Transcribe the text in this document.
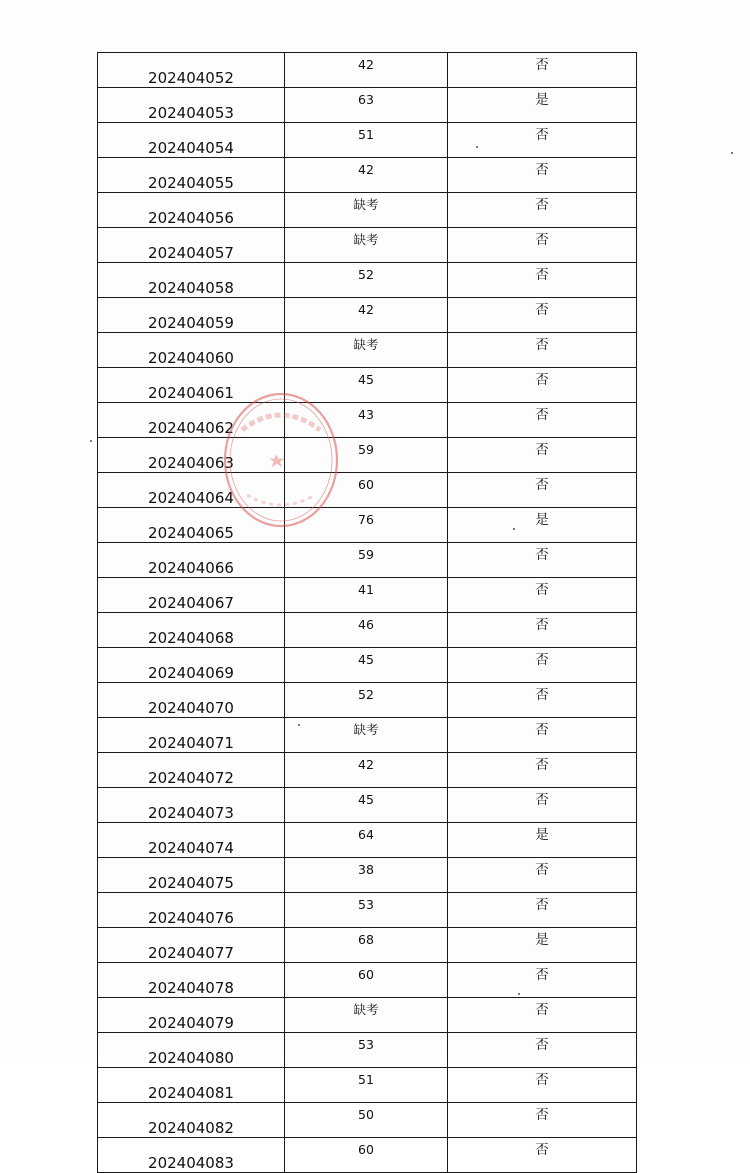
202404052	42	否
202404053	63	是
202404054	51	否
202404055	42	否
202404056	缺考	否
202404057	缺考	否
202404058	52	否
202404059	42	否
202404060	缺考	否
202404061	45	否
202404062	43	否
202404063	59	否
202404064	60	否
202404065	76	是
202404066	59	否
202404067	41	否
202404068	46	否
202404069	45	否
202404070	52	否
202404071	缺考	否
202404072	42	否
202404073	45	否
202404074	64	是
202404075	38	否
202404076	53	否
202404077	68	是
202404078	60	否
202404079	缺考	否
202404080	53	否
202404081	51	否
202404082	50	否
202404083	60	否
